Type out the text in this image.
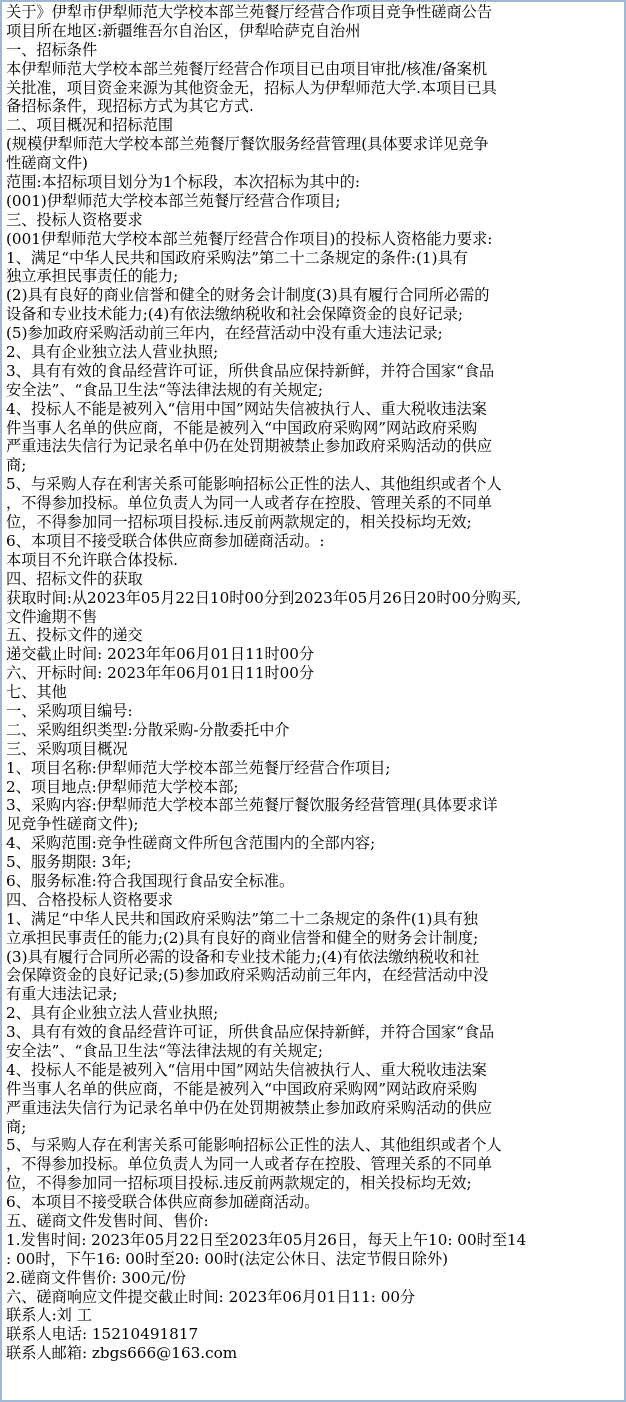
关于》伊犁市伊犁师范大学校本部兰苑餐厅经营合作项目竞争性磋商公告
项目所在地区:新疆维吾尔自治区，伊犁哈萨克自治州
一、招标条件
本伊犁师范大学校本部兰苑餐厅经营合作项目已由项目审批/核准/备案机
关批准，项目资金来源为其他资金无，招标人为伊犁师范大学.本项目已具
备招标条件，现招标方式为其它方式.
二、项目概况和招标范围
(规模伊犁师范大学校本部兰苑餐厅餐饮服务经营管理(具体要求详见竞争
性磋商文件)
范围:本招标项目划分为1个标段，本次招标为其中的:
(001)伊犁师范大学校本部兰苑餐厅经营合作项目;
三、投标人资格要求
(001伊犁师范大学校本部兰苑餐厅经营合作项目)的投标人资格能力要求:
1、满足“中华人民共和国政府采购法”第二十二条规定的条件:(1)具有
独立承担民事责任的能力;
(2)具有良好的商业信誉和健全的财务会计制度(3)具有履行合同所必需的
设备和专业技术能力;(4)有依法缴纳税收和社会保障资金的良好记录;
(5)参加政府采购活动前三年内，在经营活动中没有重大违法记录;
2、具有企业独立法人营业执照;
3、具有有效的食品经营许可证，所供食品应保持新鲜，并符合国家“食品
安全法”、“食品卫生法“等法律法规的有关规定;
4、投标人不能是被列入“信用中国”网站失信被执行人、重大税收违法案
件当事人名单的供应商，不能是被列入“中国政府采购网”网站政府采购
严重违法失信行为记录名单中仍在处罚期被禁止参加政府采购活动的供应
商;
5、与采购人存在利害关系可能影响招标公正性的法人、其他组织或者个人
，不得参加投标。单位负责人为同一人或者存在控股、管理关系的不同单
位，不得参加同一招标项目投标.违反前两款规定的，相关投标均无效;
6、本项目不接受联合体供应商参加磋商活动。:
本项目不允许联合体投标.
四、招标文件的获取
获取时间:从2023年05月22日10时00分到2023年05月26日20时00分购买,
文件逾期不售
五、投标文件的递交
递交截止时间: 2023年年06月01日11时00分
六、开标时间: 2023年年06月01日11时00分
七、其他
一、采购项目编号:
二、采购组织类型:分散采购-分散委托中介
三、采购项目概况
1、项目名称:伊犁师范大学校本部兰苑餐厅经营合作项目;
2、项目地点:伊犁师范大学校本部;
3、采购内容:伊犁师范大学校本部兰苑餐厅餐饮服务经营管理(具体要求详
见竞争性磋商文件);
4、采购范围:竞争性磋商文件所包含范围内的全部内容;
5、服务期限: 3年;
6、服务标准:符合我国现行食品安全标准。
四、合格投标人资格要求
1、满足“中华人民共和国政府采购法”第二十二条规定的条件(1)具有独
立承担民事责任的能力;(2)具有良好的商业信誉和健全的财务会计制度;
(3)具有履行合同所必需的设备和专业技术能力;(4)有依法缴纳税收和社
会保障资金的良好记录;(5)参加政府采购活动前三年内，在经营活动中没
有重大违法记录;
2、具有企业独立法人营业执照;
3、具有有效的食品经营许可证，所供食品应保持新鲜，并符合国家“食品
安全法”、“食品卫生法“等法律法规的有关规定;
4、投标人不能是被列入“信用中国”网站失信被执行人、重大税收违法案
件当事人名单的供应商，不能是被列入“中国政府采购网”网站政府采购
严重违法失信行为记录名单中仍在处罚期被禁止参加政府采购活动的供应
商;
5、与采购人存在利害关系可能影响招标公正性的法人、其他组织或者个人
，不得参加投标。单位负责人为同一人或者存在控股、管理关系的不同单
位，不得参加同一招标项目投标.违反前两款规定的，相关投标均无效;
6、本项目不接受联合体供应商参加磋商活动。
五、磋商文件发售时间、售价:
1.发售时间: 2023年05月22日至2023年05月26日，每天上午10: 00时至14
: 00时，下午16: 00时至20: 00时(法定公休日、法定节假日除外)
2.磋商文件售价: 300元/份
六、磋商响应文件提交截止时间: 2023年06月01日11: 00分
联系人:刘 工
联系人电话: 15210491817
联系人邮箱: zbgs666@163.com
